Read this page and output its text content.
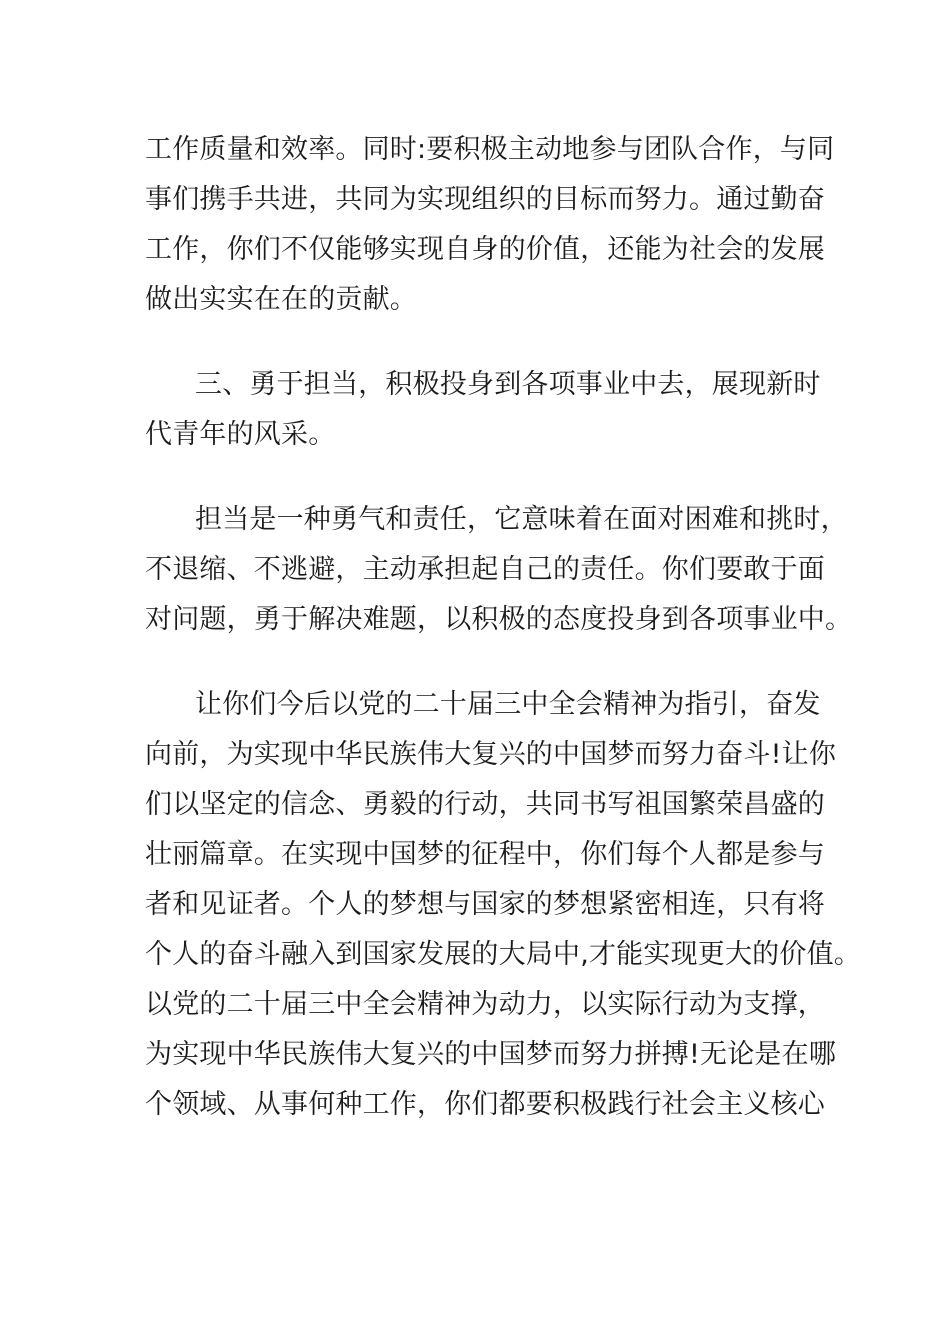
工作质量和效率。同时:要积极主动地参与团队合作，与同
事们携手共进，共同为实现组织的目标而努力。通过勤奋
工作，你们不仅能够实现自身的价值，还能为社会的发展
做出实实在在的贡献。
三、勇于担当，积极投身到各项事业中去，展现新时
代青年的风采。
担当是一种勇气和责任，它意味着在面对困难和挑时，
不退缩、不逃避，主动承担起自己的责任。你们要敢于面
对问题，勇于解决难题，以积极的态度投身到各项事业中。
让你们今后以党的二十届三中全会精神为指引，奋发
向前，为实现中华民族伟大复兴的中国梦而努力奋斗!让你
们以坚定的信念、勇毅的行动，共同书写祖国繁荣昌盛的
壮丽篇章。在实现中国梦的征程中，你们每个人都是参与
者和见证者。个人的梦想与国家的梦想紧密相连，只有将
个人的奋斗融入到国家发展的大局中,才能实现更大的价值。
以党的二十届三中全会精神为动力，以实际行动为支撑，
为实现中华民族伟大复兴的中国梦而努力拼搏!无论是在哪
个领域、从事何种工作，你们都要积极践行社会主义核心
